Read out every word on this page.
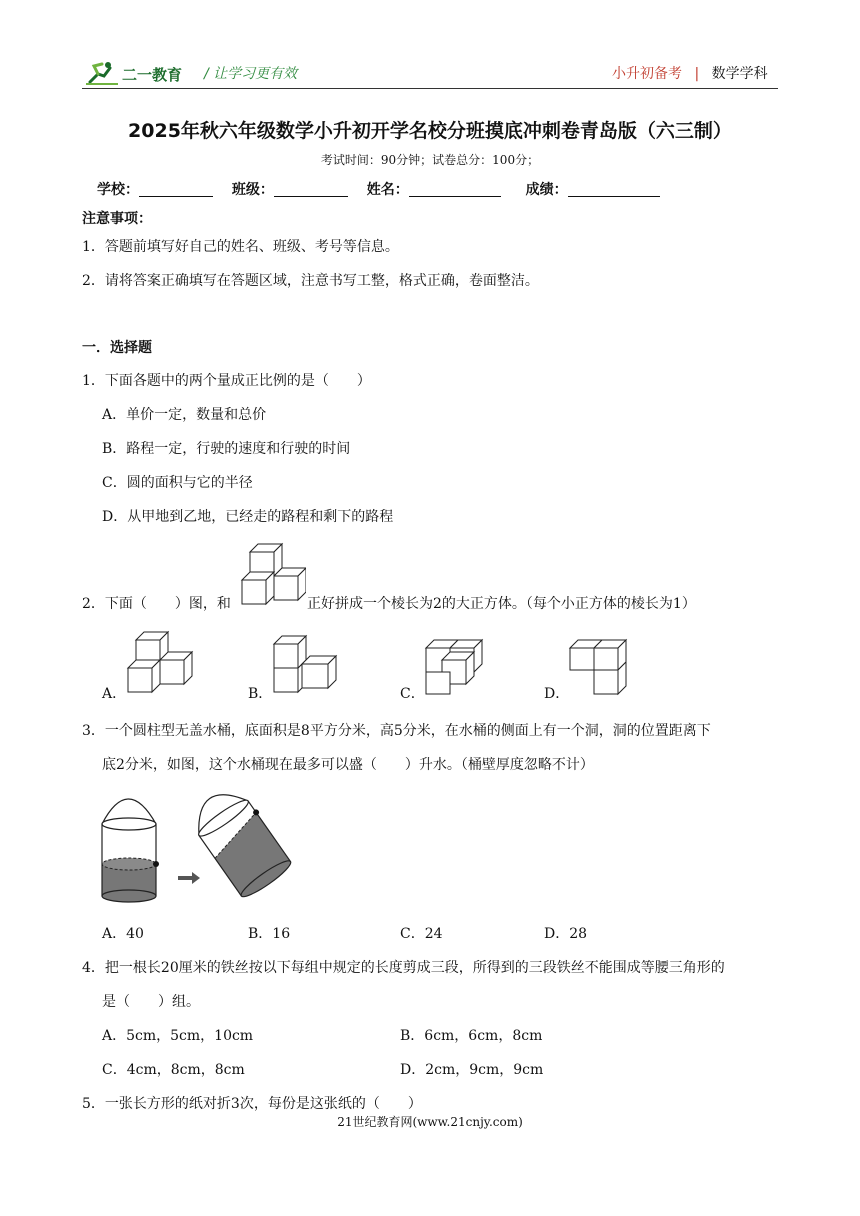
二一教育 / 让学习更有效	小升初备考 | 数学学科
2025年秋六年级数学小升初开学名校分班摸底冲刺卷青岛版（六三制）
考试时间：90分钟；试卷总分：100分；
学校：	班级：	姓名：	成绩：
注意事项：
1．答题前填写好自己的姓名、班级、考号等信息。
2．请将答案正确填写在答题区域，注意书写工整，格式正确，卷面整洁。
一．选择题
1．下面各题中的两个量成正比例的是（　　）
A．单价一定，数量和总价
B．路程一定，行驶的速度和行驶的时间
C．圆的面积与它的半径
D．从甲地到乙地，已经走的路程和剩下的路程
2．下面（　　）图，和	正好拼成一个棱长为2的大正方体。（每个小正方体的棱长为1）
A．	B．	C．	D．
3．一个圆柱型无盖水桶，底面积是8平方分米，高5分米，在水桶的侧面上有一个洞，洞的位置距离下
底2分米，如图，这个水桶现在最多可以盛（　　）升水。（桶壁厚度忽略不计）
A．40	B．16	C．24	D．28
4．把一根长20厘米的铁丝按以下每组中规定的长度剪成三段，所得到的三段铁丝不能围成等腰三角形的
是（　　）组。
A．5cm，5cm，10cm	B．6cm，6cm，8cm
C．4cm，8cm，8cm	D．2cm，9cm，9cm
5．一张长方形的纸对折3次，每份是这张纸的（　　）
21世纪教育网(www.21cnjy.com)
